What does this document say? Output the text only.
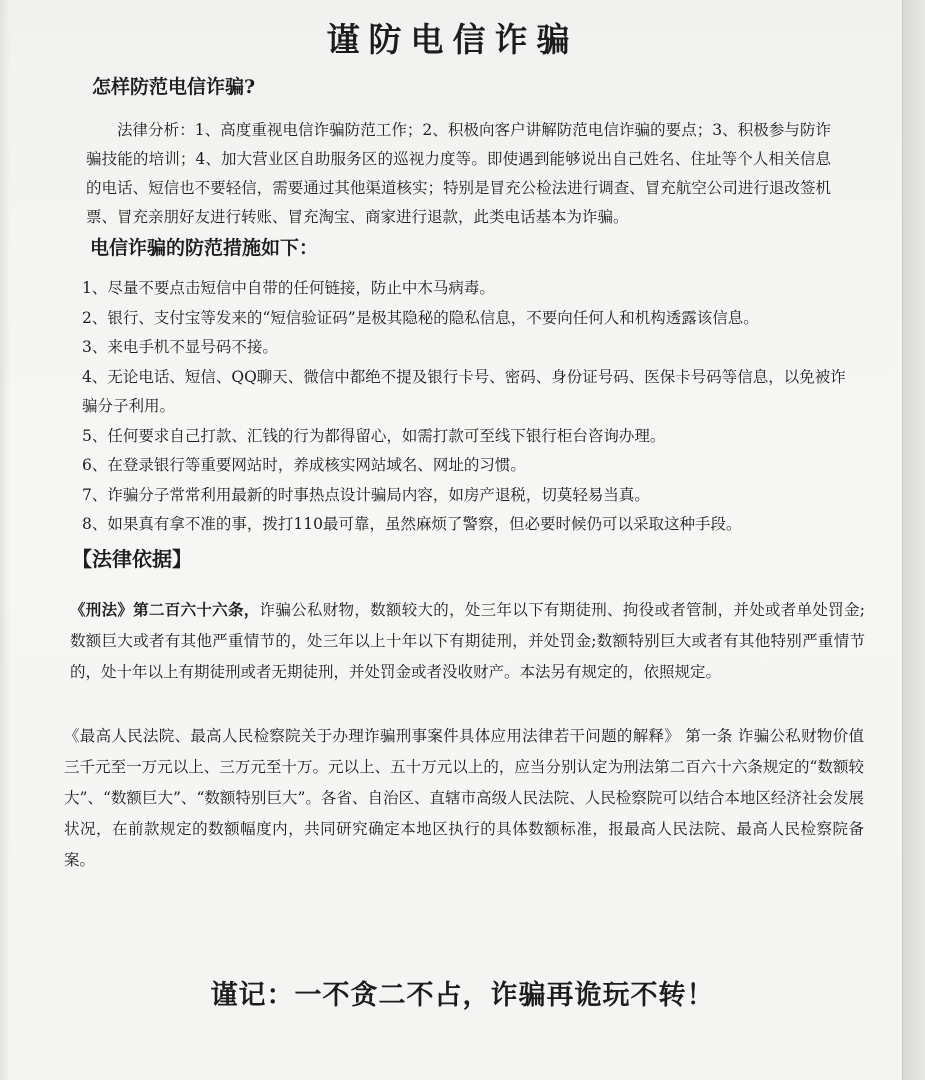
谨防电信诈骗
怎样防范电信诈骗?

法律分析：1、高度重视电信诈骗防范工作；2、积极向客户讲解防范电信诈骗的要点；3、积极参与防诈骗技能的培训；4、加大营业区自助服务区的巡视力度等。即使遇到能够说出自己姓名、住址等个人相关信息的电话、短信也不要轻信，需要通过其他渠道核实；特别是冒充公检法进行调查、冒充航空公司进行退改签机票、冒充亲朋好友进行转账、冒充淘宝、商家进行退款，此类电话基本为诈骗。

电信诈骗的防范措施如下：
1、尽量不要点击短信中自带的任何链接，防止中木马病毒。
2、银行、支付宝等发来的“短信验证码”是极其隐秘的隐私信息，不要向任何人和机构透露该信息。
3、来电手机不显号码不接。
4、无论电话、短信、QQ聊天、微信中都绝不提及银行卡号、密码、身份证号码、医保卡号码等信息，以免被诈骗分子利用。
5、任何要求自己打款、汇钱的行为都得留心，如需打款可至线下银行柜台咨询办理。
6、在登录银行等重要网站时，养成核实网站域名、网址的习惯。
7、诈骗分子常常利用最新的时事热点设计骗局内容，如房产退税，切莫轻易当真。
8、如果真有拿不准的事，拨打110最可靠，虽然麻烦了警察，但必要时候仍可以采取这种手段。
【法律依据】

《刑法》第二百六十六条，诈骗公私财物，数额较大的，处三年以下有期徒刑、拘役或者管制，并处或者单处罚金;数额巨大或者有其他严重情节的，处三年以上十年以下有期徒刑，并处罚金;数额特别巨大或者有其他特别严重情节的，处十年以上有期徒刑或者无期徒刑，并处罚金或者没收财产。本法另有规定的，依照规定。

《最高人民法院、最高人民检察院关于办理诈骗刑事案件具体应用法律若干问题的解释》 第一条 诈骗公私财物价值三千元至一万元以上、三万元至十万。元以上、五十万元以上的，应当分别认定为刑法第二百六十六条规定的“数额较大”、“数额巨大”、“数额特别巨大”。各省、自治区、直辖市高级人民法院、人民检察院可以结合本地区经济社会发展状况，在前款规定的数额幅度内，共同研究确定本地区执行的具体数额标准，报最高人民法院、最高人民检察院备案。

谨记：一不贪二不占，诈骗再诡玩不转！
